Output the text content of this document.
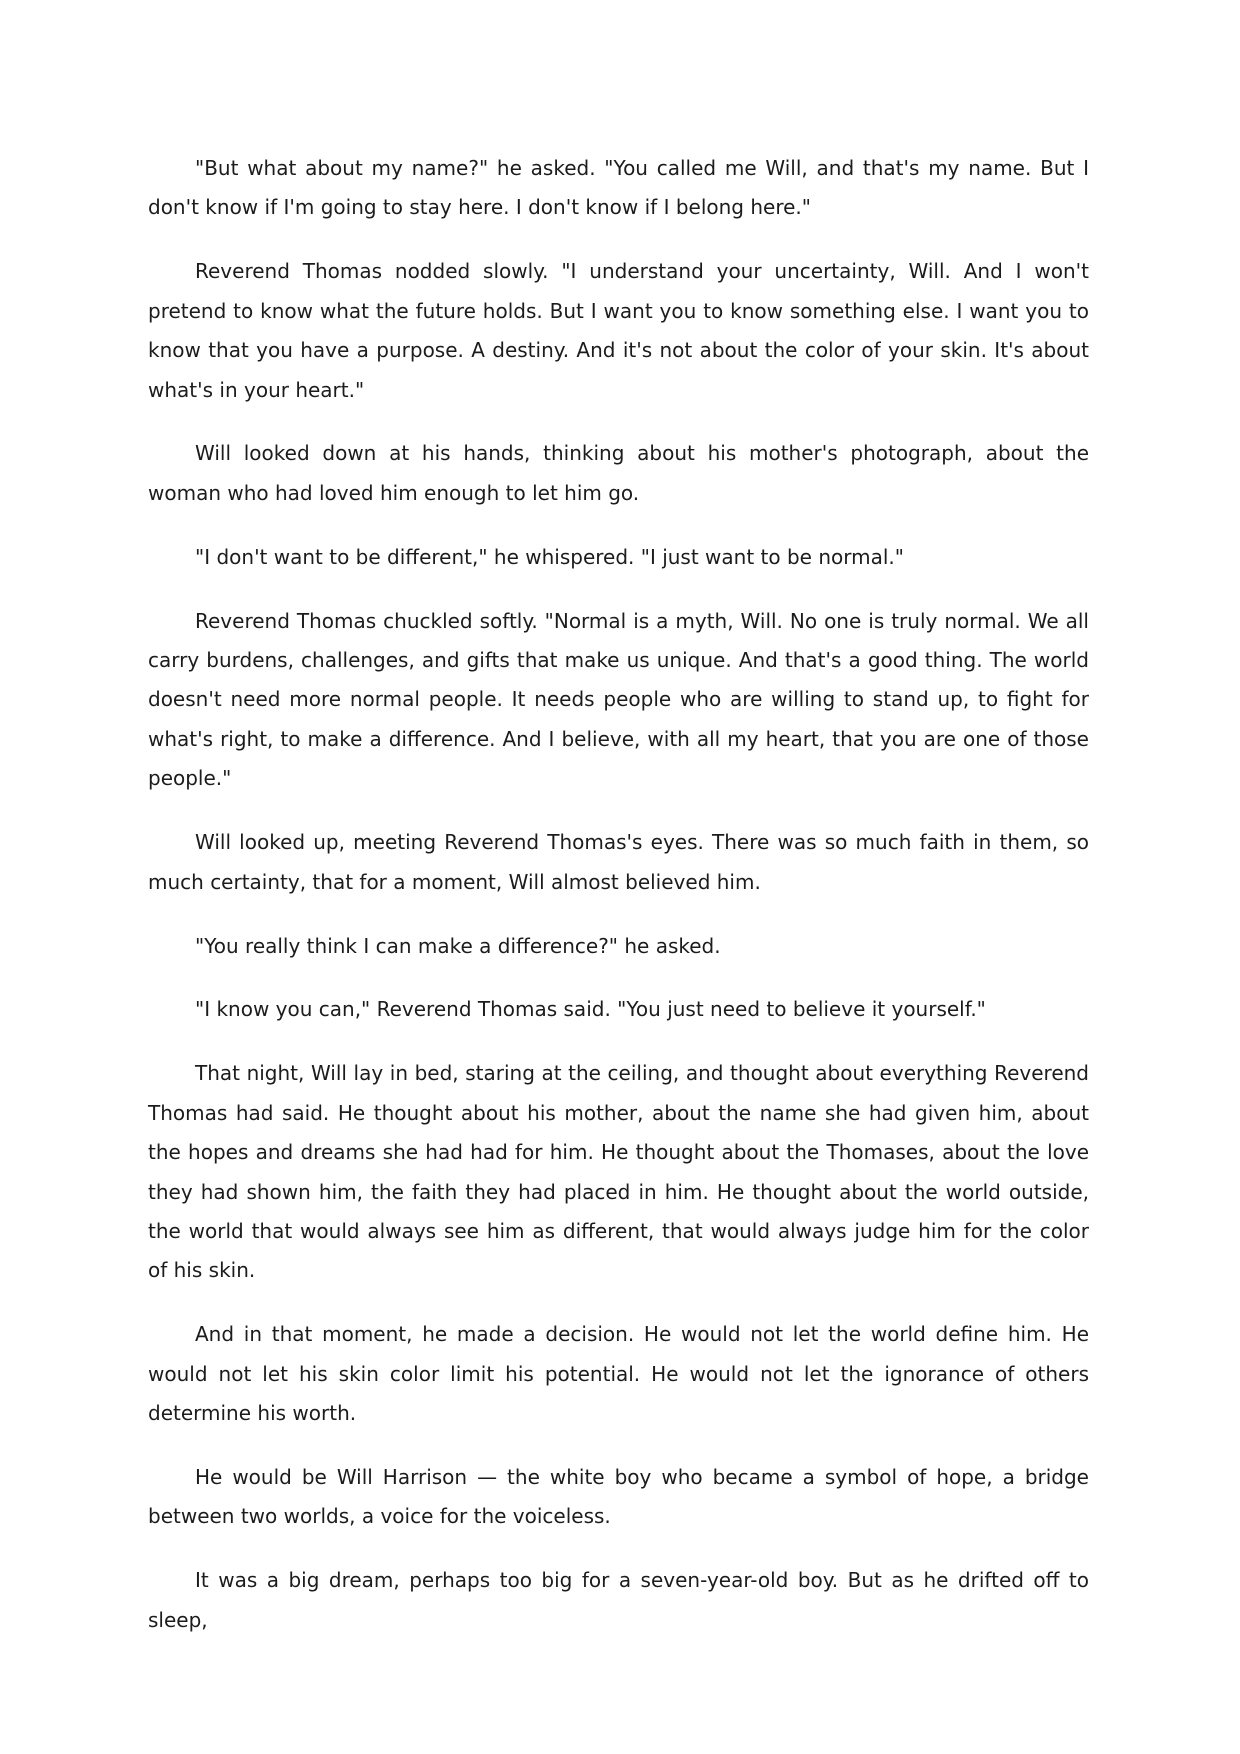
"But what about my name?" he asked. "You called me Will, and that's my name. But I don't know if I'm going to stay here. I don't know if I belong here."

Reverend Thomas nodded slowly. "I understand your uncertainty, Will. And I won't pretend to know what the future holds. But I want you to know something else. I want you to know that you have a purpose. A destiny. And it's not about the color of your skin. It's about what's in your heart."

Will looked down at his hands, thinking about his mother's photograph, about the woman who had loved him enough to let him go.

"I don't want to be different," he whispered. "I just want to be normal."

Reverend Thomas chuckled softly. "Normal is a myth, Will. No one is truly normal. We all carry burdens, challenges, and gifts that make us unique. And that's a good thing. The world doesn't need more normal people. It needs people who are willing to stand up, to fight for what's right, to make a difference. And I believe, with all my heart, that you are one of those people."

Will looked up, meeting Reverend Thomas's eyes. There was so much faith in them, so much certainty, that for a moment, Will almost believed him.

"You really think I can make a difference?" he asked.

"I know you can," Reverend Thomas said. "You just need to believe it yourself."

That night, Will lay in bed, staring at the ceiling, and thought about everything Reverend Thomas had said. He thought about his mother, about the name she had given him, about the hopes and dreams she had had for him. He thought about the Thomases, about the love they had shown him, the faith they had placed in him. He thought about the world outside, the world that would always see him as different, that would always judge him for the color of his skin.

And in that moment, he made a decision. He would not let the world define him. He would not let his skin color limit his potential. He would not let the ignorance of others determine his worth.

He would be Will Harrison — the white boy who became a symbol of hope, a bridge between two worlds, a voice for the voiceless.

It was a big dream, perhaps too big for a seven-year-old boy. But as he drifted off to sleep,
